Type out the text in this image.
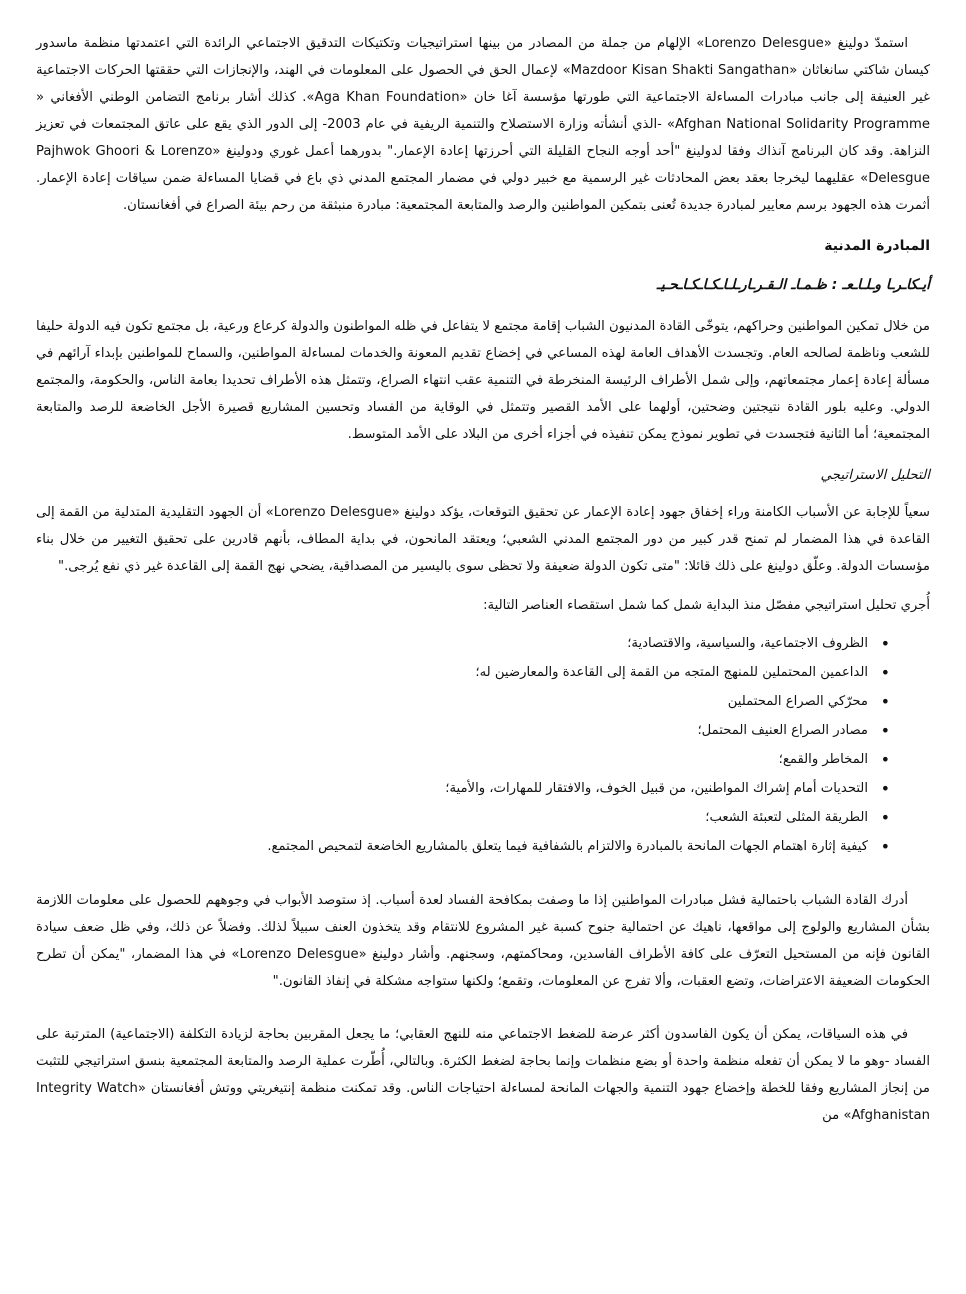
استمدّ دولينغ «Lorenzo Delesgue» الإلهام من جملة من المصادر من بينها استراتيجيات وتكتيكات التدقيق الاجتماعي الرائدة التي اعتمدتها منظمة ماسدور كيسان شاكتي سانغاثان «Mazdoor Kisan Shakti Sangathan» لإعمال الحق في الحصول على المعلومات في الهند، والإنجازات التي حققتها الحركات الاجتماعية غير العنيفة إلى جانب مبادرات المساءلة الاجتماعية التي طورتها مؤسسة آغا خان «Aga Khan Foundation». كذلك أشار برنامج التضامن الوطني الأفغاني « Afghan National Solidarity Programme» -الذي أنشأته وزارة الاستصلاح والتنمية الريفية في عام 2003- إلى الدور الذي يقع على عاتق المجتمعات في تعزيز النزاهة. وقد كان البرنامج آنذاك وفقا لدولينغ "أحد أوجه النجاح القليلة التي أحرزتها إعادة الإعمار." بدورهما أعمل غوري ودولينغ «Pajhwok Ghoori & Lorenzo Delesgue» عقليهما ليخرجا بعقد بعض المحادثات غير الرسمية مع خبير دولي في مضمار المجتمع المدني ذي باع في قضايا المساءلة ضمن سياقات إعادة الإعمار. أثمرت هذه الجهود برسم معايير لمبادرة جديدة تُعنى بتمكين المواطنين والرصد والمتابعة المجتمعية: مبادرة منبثقة من رحم بيئة الصراع في أفغانستان.

المبادرة المدنية
أيـكاـرـا وـلـاـعـ : ظـمـاـ الـقـرـارـلـاـكـاـكـاـحـيـ

من خلال تمكين المواطنين وحراكهم، يتوخّى القادة المدنيون الشباب إقامة مجتمع لا يتفاعل في ظله المواطنون والدولة كرعاع ورعية، بل مجتمع تكون فيه الدولة حليفا للشعب وناظمة لصالحه العام. وتجسدت الأهداف العامة لهذه المساعي في إخضاع تقديم المعونة والخدمات لمساءلة المواطنين، والسماح للمواطنين بإبداء آرائهم في مسألة إعادة إعمار مجتمعاتهم، وإلى شمل الأطراف الرئيسة المنخرطة في التنمية عقب انتهاء الصراع، وتتمثل هذه الأطراف تحديدا بعامة الناس، والحكومة، والمجتمع الدولي. وعليه بلور القادة نتيجتين وضحتين، أولهما على الأمد القصير وتتمثل في الوقاية من الفساد وتحسين المشاريع قصيرة الأجل الخاضعة للرصد والمتابعة المجتمعية؛ أما الثانية فتجسدت في تطوير نموذج يمكن تنفيذه في أجزاء أخرى من البلاد على الأمد المتوسط.

التحليل الاستراتيجي

سعياً للإجابة عن الأسباب الكامنة وراء إخفاق جهود إعادة الإعمار عن تحقيق التوقعات، يؤكد دولينغ «Lorenzo Delesgue» أن الجهود التقليدية المتدلية من القمة إلى القاعدة في هذا المضمار لم تمنح قدر كبير من دور المجتمع المدني الشعبي؛ ويعتقد المانحون، في بداية المطاف، بأنهم قادرين على تحقيق التغيير من خلال بناء مؤسسات الدولة. وعلّق دولينغ على ذلك قائلا: "متى تكون الدولة ضعيفة ولا تحظى سوى باليسير من المصداقية، يضحي نهج القمة إلى القاعدة غير ذي نفع يُرجى."

أُجري تحليل استراتيجي مفصّل منذ البداية شمل كما شمل استقصاء العناصر التالية:

• الظروف الاجتماعية، والسياسية، والاقتصادية؛
• الداعمين المحتملين للمنهج المتجه من القمة إلى القاعدة والمعارضين له؛
• محرّكي الصراع المحتملين
• مصادر الصراع العنيف المحتمل؛
• المخاطر والقمع؛
• التحديات أمام إشراك المواطنين، من قبيل الخوف، والافتقار للمهارات، والأمية؛
• الطريقة المثلى لتعبئة الشعب؛
• كيفية إثارة اهتمام الجهات المانحة بالمبادرة والالتزام بالشفافية فيما يتعلق بالمشاريع الخاضعة لتمحيص المجتمع.

أدرك القادة الشباب باحتمالية فشل مبادرات المواطنين إذا ما وصفت بمكافحة الفساد لعدة أسباب. إذ ستوصد الأبواب في وجوههم للحصول على معلومات اللازمة بشأن المشاريع والولوج إلى مواقعها، ناهيك عن احتمالية جنوح كسبة غير المشروع للانتقام وقد يتخذون العنف سبيلاً لذلك. وفضلاً عن ذلك، وفي ظل ضعف سيادة القانون فإنه من المستحيل التعرّف على كافة الأطراف الفاسدين، ومحاكمتهم، وسجنهم. وأشار دولينغ «Lorenzo Delesgue» في هذا المضمار، "يمكن أن تطرح الحكومات الضعيفة الاعتراضات، وتضع العقبات، وألا تفرج عن المعلومات، وتقمع؛ ولكنها ستواجه مشكلة في إنفاذ القانون."

في هذه السياقات، يمكن أن يكون الفاسدون أكثر عرضة للضغط الاجتماعي منه للنهج العقابي؛ ما يجعل المقربين بحاجة لزيادة التكلفة (الاجتماعية) المترتبة على الفساد -وهو ما لا يمكن أن تفعله منظمة واحدة أو بضع منظمات وإنما بحاجة لضغط الكثرة. وبالتالي، أُطّرت عملية الرصد والمتابعة المجتمعية بنسق استراتيجي للتثبت من إنجاز المشاريع وفقا للخطة وإخضاع جهود التنمية والجهات المانحة لمساءلة احتياجات الناس. وقد تمكنت منظمة إنتيغريتي ووتش أفغانستان «Integrity Watch Afghanistan» من
